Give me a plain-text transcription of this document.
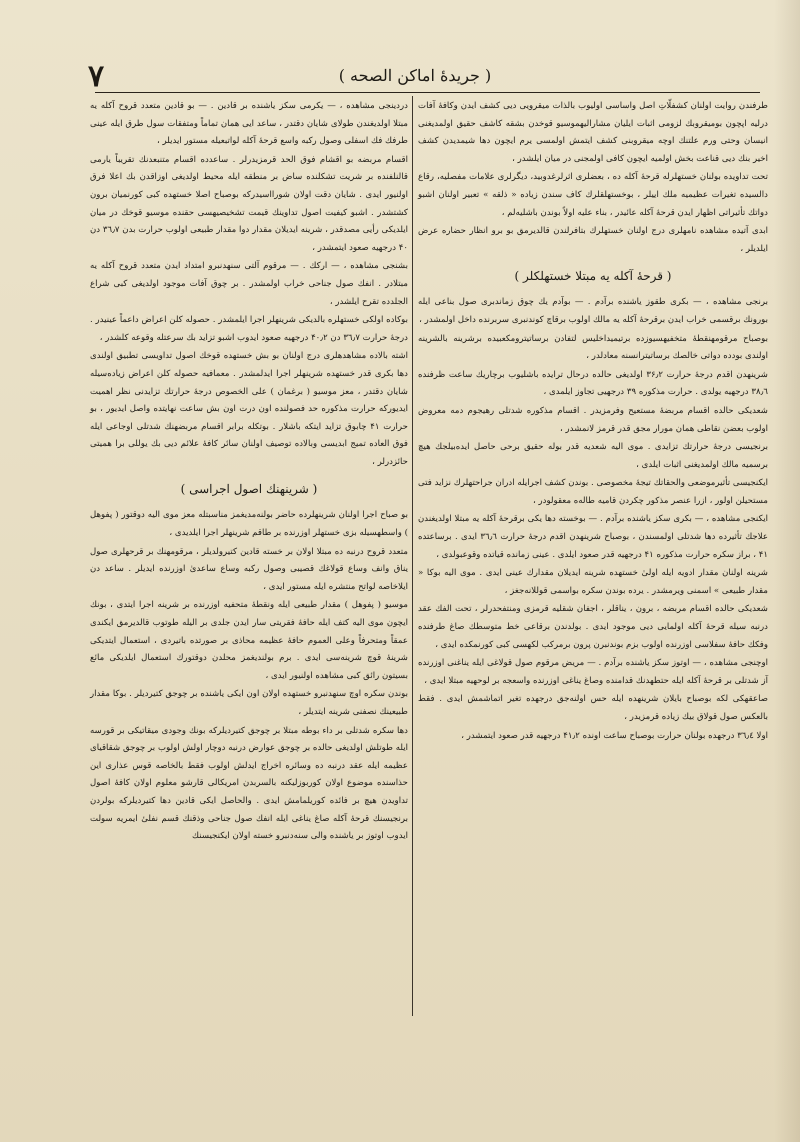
٧	( جریدهٔ اماکن الصحه )

طرفندن روایت اولنان کشفلّاتِ اصل واساسی اولیوب بالذات میقرویی دیی کشف ایدن وکافهٔ آفات درلیه اپچون بومیقروبك لزومی اثبات ایلیان مشارالیهموسیو قوخدن بشقه کاشف حقیق اولمدیغنی انیسان وحتی ورم علتنك اوچه میقروبنی کشف ایتمش اولمسی یرم ایچون دها شیمدیدن کشف اخیر بنك دیی قناعت بخش اولمیه ایچون کافی اولمجنی در میان ایلشدر ،

تحت تداویده بولنان خستهلرله قرحهٔ آکله ده ، بعضلری اثرلرغدوبید، دیگرلری علامات مفصلیه، رقاع دالسیده تغیرات عظیمیه ملك اییلر ، بوخستهلقلرك کاف سندن زیاده « ذلقه » تعبیر اولنان اشبو دواتك تأثیراتی اظهار ایدن قرحهٔ آکله عائیدر ، بناء علیه اولاً بوندن باشلیه‌لم ،

ابدی آتیده مشاهده نامهلری درج اولنان خستهلرك بتافرلندن قالدیرمق بو برو انظار حضاره عرض ایلدیلر ،

( قرحهٔ آکله یه مبتلا خستهلکلر )

برنجی مشاهده ، — بکری طقوز یاشنده برآدم . — بوآدم یك چوق زماندبری صول بناعی ایله بورونك برقسمی خراب ایدن برقرحهٔ آکله یه مالك اولوب برقاچ کوندنبری سربرنده داخل اولمشدر ،

بوصباح مرقومهنقطهٔ متخفیهسیوزده برتیمیداخلیس لتفادن برساتیترومکعبیده برشرینه بالشرینه اولندی بودده دواتی خالصك برساتیترانسنه معادلدر ،

شرینهدن اقدم درجهٔ حرارت ۳۶٫۲ اولدیغی حالده درحال ترایده باشلیوب برچاریك ساعت ظرفنده ۳۸٫٦ درجهیه یولدی . حرارت مذکوره ۳۹ درجهیی تجاوز ایلمدی ،

شعدیکی حالده اقسام مربضهٔ مستعیح وفرمزیدر . اقسام مذکوره شدتلی رهیجوم دمه معروض اولوب بعضن نقاطی همان مورار مجق قدر قرمز لانمشدر ،

برنجیسی درجهٔ حرارتك تزایدی . موی الیه شعدیه قدر بوله حقیق برحی حاصل ایده‌بیلجك هیچ برسمیه مالك اولمدیغنی اثبات ایلدی ،

ایکنجیسی تأثیرموضعی والحقاتك تیجهٔ مخصوصی . بوندن کشف اجرایله ادران جراحتهلرك نزاید فتی مستحیلن اولور ، ازرا عنصر مذکور چکردن قامیه طاله‌ه معقولودر ،

ایکنجی مشاهده ، — بکری سکز یاشنده برآدم . — بوخسته دها یکی برقرحهٔ آکله یه مبتلا اولدیغندن علاجك تأثیرده دها شدتلی اولمسندن ، بوصباح شرینهدن اقدم درجهٔ حرارت ۳٦٫٦ ایدی . برساعتده ۴۱ ، براز سکره حرارت مذکوره ۴۱ درجهیه قدر صعود ایلدی . عینی زمانده قیاتده وقوعبولدی ،

شرینه اولنان مقدار ادویه ایله اولیٰ خستهده شرینه ایدیلان مقدارك عینی ایدی . موی الیه بوکا « مقدار طبیعی » اسمنی ویرمشدر . یرده بوندن سکره بواسمی قوللانه‌جغز ،

شعدیکی حالده اقسام مربضه ، برون ، یناقلر ، اجفان شقلیه قرمزی ومنتفحدرلر ، تحت الفك عقد درنبه سیله قرحهٔ آکله اولمایی دیی موجود ایدی . بولدندن برقاعی خط متوسطك صاغ طرفنده وفکك حافهٔ سفلاسی اوزرنده اولوب بزم بوندنبرن پرون برمرکب لکهسی کبی کورنمکده ایدی ،

اوچنجی مشاهده ، — اوتوز سکز یاشنده برآدم . — مریض مرقوم صول قولاغی ایله یناغنی اوزرنده آز شدتلی بر قرحهٔ آکله ایله حتطهدنك قدامنده وصاغ یناغی اوزرنده واسعجه بر لوحهیه مبتلا ایدی ،

صاعقهکی لکه بوصباح بایلان شرینهده ایله حس اولنه‌جق درجهده تغیر اتماشمش ایدی . فقط بالعکس صول قولاق بیك زیاده قرمزیدر ،

اولا ۳٦٫٤ درجهده بولنان حرارت بوصباح ساعت اونده ۴۱٫۲ درجهیه قدر صعود ایتمشدر ،

دردینجی مشاهده ، — یکرمی سکز یاشنده بر قادین . — بو قادین متعدد قروح آکله یه مبتلا اولدیغندن طولای شایان دقتدر ، ساعد ایی همان تماماً ومتفقات سول طرق ایله عینی طرفك فك اسفلی وصول رکبه واسع قرحهٔ آکله لواتبعیله مستور ایدیلر ،

اقسام مربضه بو اقشام فوق الحد قرمزیدرلر . ساعدده اقسام متنبعدنك تقریباً یارمی قالنلفنده بر شریت تشکلنده ساض بر منطقه ایله محیط اولدیغی اوزاقدن بك اعلا فرق اولنیور ایدی . شایان دقت اولان شورااسیدرکه بوصباح اصلا خستهده کبی کورنمیان برون کشتشدر . اشبو کیفیت اصول تداوینك قیمت تشخیصیهسی حقنده موسیو قوخك در میان ایلدیکی رأیی مصدقدر ، شرینه ایدیلان مقدار دوا مقدار طبیعی اولوب حرارت بدن ۳٦٫۷ دن ۴۰ درجهیه صعود ایتمشدر ،

بشنجی مشاهده ، — اركك . — مرقوم آلتی سنهدنبرو امتداد ایدن متعدد قروح آکله یه مبتلادر . انفك صول جناحی خراب اولمشدر . بر چوق آفات موجود اولدیغی کبی شراع الجلدده تقرح ایلشدر ،

بوکاده اولکی خستهلره بالدیکی شرینهلر اجرا ایلمشدر . حصوله کلن اعراض داعماً عینیدر . درجهٔ حرارت ۳٦٫۷ دن ۴۰٫۲ درجهیه صعود ایدوب اشبو تزاید بك سرعتله وقوعه کلشدر ،

اشته بالاده مشاهدهلری درج اولنان بو بش خستهده قوخك اصول تداویسی تطبیق اولندی دها بکری قدر خستهده شرینهلر اجرا ایدلمشدر . معمافیه حصوله کلن اعراض زیاده‌سیله شایان دقتدر ، معز موسیو ( برغمان ) علی الخصوص درجهٔ حرارتك تزایدنی نظر اهمیت ایدیورکه حرارت مذکوره حد فصولنده اون درت اون بش ساعت نهایتده واصل ایدیور ، بو حرارت ۴۱ چابوق تزاید ایتکه باشلار . بوتکله برابر اقسام مربضهنك شدتلی اوجاعی ایله فوق العاده تمیج ابدیسی وبالاده توصیف اولنان سائر کافهٔ علائم دیی بك یوللی برا همیتی حائزدرلر ،

( شرینهنك اصول اجراسی )

بو صباح اجرا اولنان شرینهلرده حاضر بولنه‌مدیغمز مناسبتله معز موی الیه دوقتور ( پفوهل ) واسطهسیله بزی خستهلر اوزرنده بر طاقم شرینهلر اجرا ایلدیدی ،

متعدد قروح درنبه ده مبتلا اولان بر خسته قادین کتیرولدیلر ، مرقومهنك بر قرحهلری صول یناق وانف وساع قولاغك قصیبی وصول رکبه وساع ساعدیٰ اوزرنده ایدیلر . ساعد دن ایلاخاصه لواتح منتشره ایله مستور ایدی ،

موسیو ( پفوهل ) مقدار طبیعی ایله ونقطهٔ متحفیه اوزرنده بر شرینه اجرا ایتدی ، بونك ایچون موی الیه کتف ایله حافهٔ فقریتی سار ایدن جلدی بر الیله طوتوب قالدیرمق ایکندی عمقاً ومتحرفاً وعلی العموم حافهٔ عظیمه محاذی بر صورتده باتیردی ، استعمال ایتدیکی شرینهٔ قوچ شرینه‌سی ایدی . برم بولندیغمز محلدن دوقتورك استعمال ایلدیکی مائع بسیتون رائق کبی مشاهده اولنیور ایدی ،

بوندن سکره اوچ سنهدنبرو خستهده اولان اون ایکی یاشنده بر چوجق کتیردیلر . بوکا مقدار طبیعینك نصفنی شرینه ایتدیلر ،

دها سکره شدتلی بر داء بوطه مبتلا بر چوجق کتیردیلرکه بونك وجودی میقاتیکی بر قورسه ایله طوتلش اولدیغی حالده بر چوجق عوارض درنبه دوچار اولش اولوب بر چوجق شقاقیای عظیمه ایله عقد درنبه ده وسائره اخراج ایدلش اولوب فقط بالخاصه قوس عذاری این حذاسنده موضوع اولان کوربوزلیکنه بالسربدن امریکالی قارشو معلوم اولان کافهٔ اصول تداویدن هیچ بر فائده کوریلمامش ایدی . والحاصل ایکی قادین دها کتیردیلرکه بولردن برنجیسنك قرحهٔ آکله صاغ یناغی ایله انفك صول جناحی وذقنك قسم نفلیٔ ایمریه سولت ایدوب اوتوز بر یاشنده والی سنه‌دنبرو خسته اولان ایکنجیسنك
